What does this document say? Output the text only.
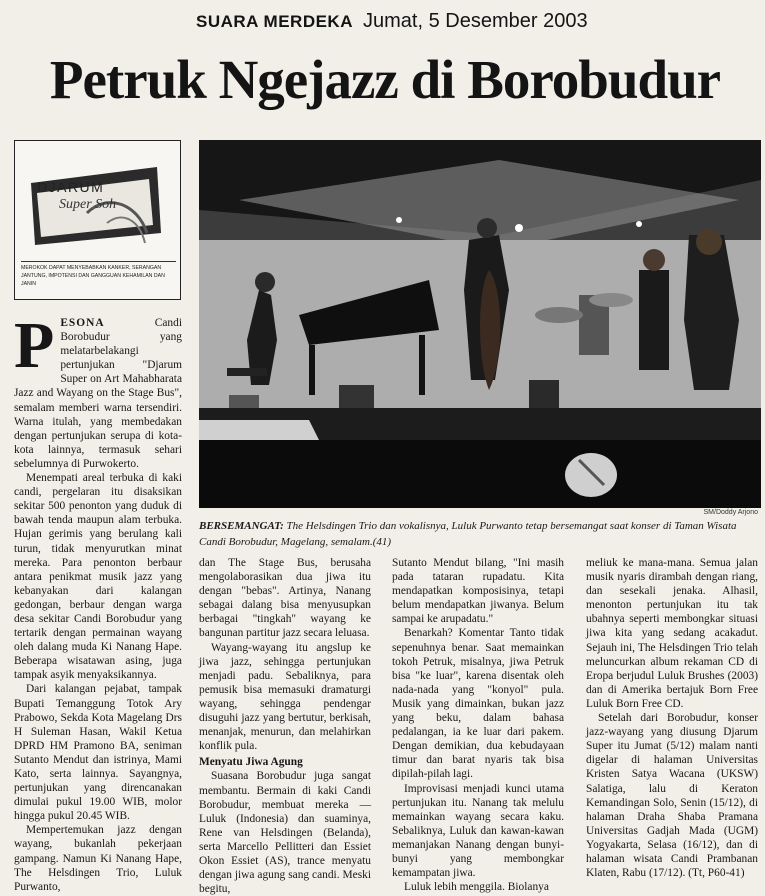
SUARA MERDEKA Jumat, 5 Desember 2003
Petruk Ngejazz di Borobudur
DJARUM
Super Soh
MEROKOK DAPAT MENYEBABKAN KANKER, SERANGAN JANTUNG, IMPOTENSI DAN GANGGUAN KEHAMILAN DAN JANIN
SM/Doddy Arjono
BERSEMANGAT: The Helsdingen Trio dan vokalisnya, Luluk Purwanto tetap bersemangat saat konser di Taman Wisata Candi Borobudur, Magelang, semalam.(41)

PESONA	Candi Borobudur yang melatarbelakangi pertunjukan "Djarum Super on Art Mahabharata Jazz and Wayang on the Stage Bus", semalam memberi warna tersendiri. Warna itulah, yang membedakan dengan pertunjukan serupa di kota-kota lainnya, termasuk sehari sebelumnya di Purwokerto.

Menempati areal terbuka di kaki candi, pergelaran itu disaksikan sekitar 500 penonton yang duduk di bawah tenda maupun alam terbuka. Hujan gerimis yang berulang kali turun, tidak menyurutkan minat mereka. Para penonton berbaur antara penikmat musik jazz yang kebanyakan dari kalangan gedongan, berbaur dengan warga desa sekitar Candi Borobudur yang tertarik dengan permainan wayang oleh dalang muda Ki Nanang Hape. Beberapa wisatawan asing, juga tampak asyik menyaksikannya.

Dari kalangan pejabat, tampak Bupati Temanggung Totok Ary Prabowo, Sekda Kota Magelang Drs H Suleman Hasan, Wakil Ketua DPRD HM Pramono BA, seniman Sutanto Mendut dan istrinya, Mami Kato, serta lainnya. Sayangnya, pertunjukan yang direncanakan dimulai pukul 19.00 WIB, molor hingga pukul 20.45 WIB.

Mempertemukan jazz dengan wayang, bukanlah pekerjaan gampang. Namun Ki Nanang Hape, The Helsdingen Trio, Luluk Purwanto,

dan The Stage Bus, berusaha mengolaborasikan dua jiwa itu dengan "bebas". Artinya, Nanang sebagai dalang bisa menyusupkan berbagai "tingkah" wayang ke bangunan partitur jazz secara leluasa.

Wayang-wayang itu angslup ke jiwa jazz, sehingga pertunjukan menjadi padu. Sebaliknya, para pemusik bisa memasuki dramaturgi wayang, sehingga pendengar disuguhi jazz yang bertutur, berkisah, menanjak, menurun, dan melahirkan konflik pula.

Menyatu Jiwa Agung

Suasana Borobudur juga sangat membantu. Bermain di kaki Candi Borobudur, membuat mereka — Luluk (Indonesia) dan suaminya, Rene van Helsdingen (Belanda), serta Marcello Pellitteri dan Essiet Okon Essiet (AS), trance menyatu dengan jiwa agung sang candi. Meski begitu,

Sutanto Mendut bilang, "Ini masih pada tataran rupadatu. Kita mendapatkan komposisinya, tetapi belum mendapatkan jiwanya. Belum sampai ke arupadatu."

Benarkah? Komentar Tanto tidak sepenuhnya benar. Saat memainkan tokoh Petruk, misalnya, jiwa Petruk bisa "ke luar", karena disentak oleh nada-nada yang "konyol" pula. Musik yang dimainkan, bukan jazz yang beku, dalam bahasa pedalangan, ia ke luar dari pakem. Dengan demikian, dua kebudayaan timur dan barat nyaris tak bisa dipilah-pilah lagi.

Improvisasi menjadi kunci utama pertunjukan itu. Nanang tak melulu memainkan wayang secara kaku. Sebaliknya, Luluk dan kawan-kawan memanjakan Nanang dengan bunyi-bunyi yang membongkar kemampatan jiwa.

Luluk lebih menggila. Biolanya

meliuk ke mana-mana. Semua jalan musik nyaris dirambah dengan riang, dan sesekali jenaka. Alhasil, menonton pertunjukan itu tak ubahnya seperti membongkar situasi jiwa kita yang sedang acakadut. Sejauh ini, The Helsdingen Trio telah meluncurkan album rekaman CD di Eropa berjudul Luluk Brushes (2003) dan di Amerika bertajuk Born Free Luluk Born Free CD.

Setelah dari Borobudur, konser jazz-wayang yang diusung Djarum Super itu Jumat (5/12) malam nanti digelar di halaman Universitas Kristen Satya Wacana (UKSW) Salatiga, lalu di Keraton Kemandingan Solo, Senin (15/12), di halaman Draha Shaba Pramana Universitas Gadjah Mada (UGM) Yogyakarta, Selasa (16/12), dan di halaman wisata Candi Prambanan Klaten, Rabu (17/12). (Tt, P60-41)
